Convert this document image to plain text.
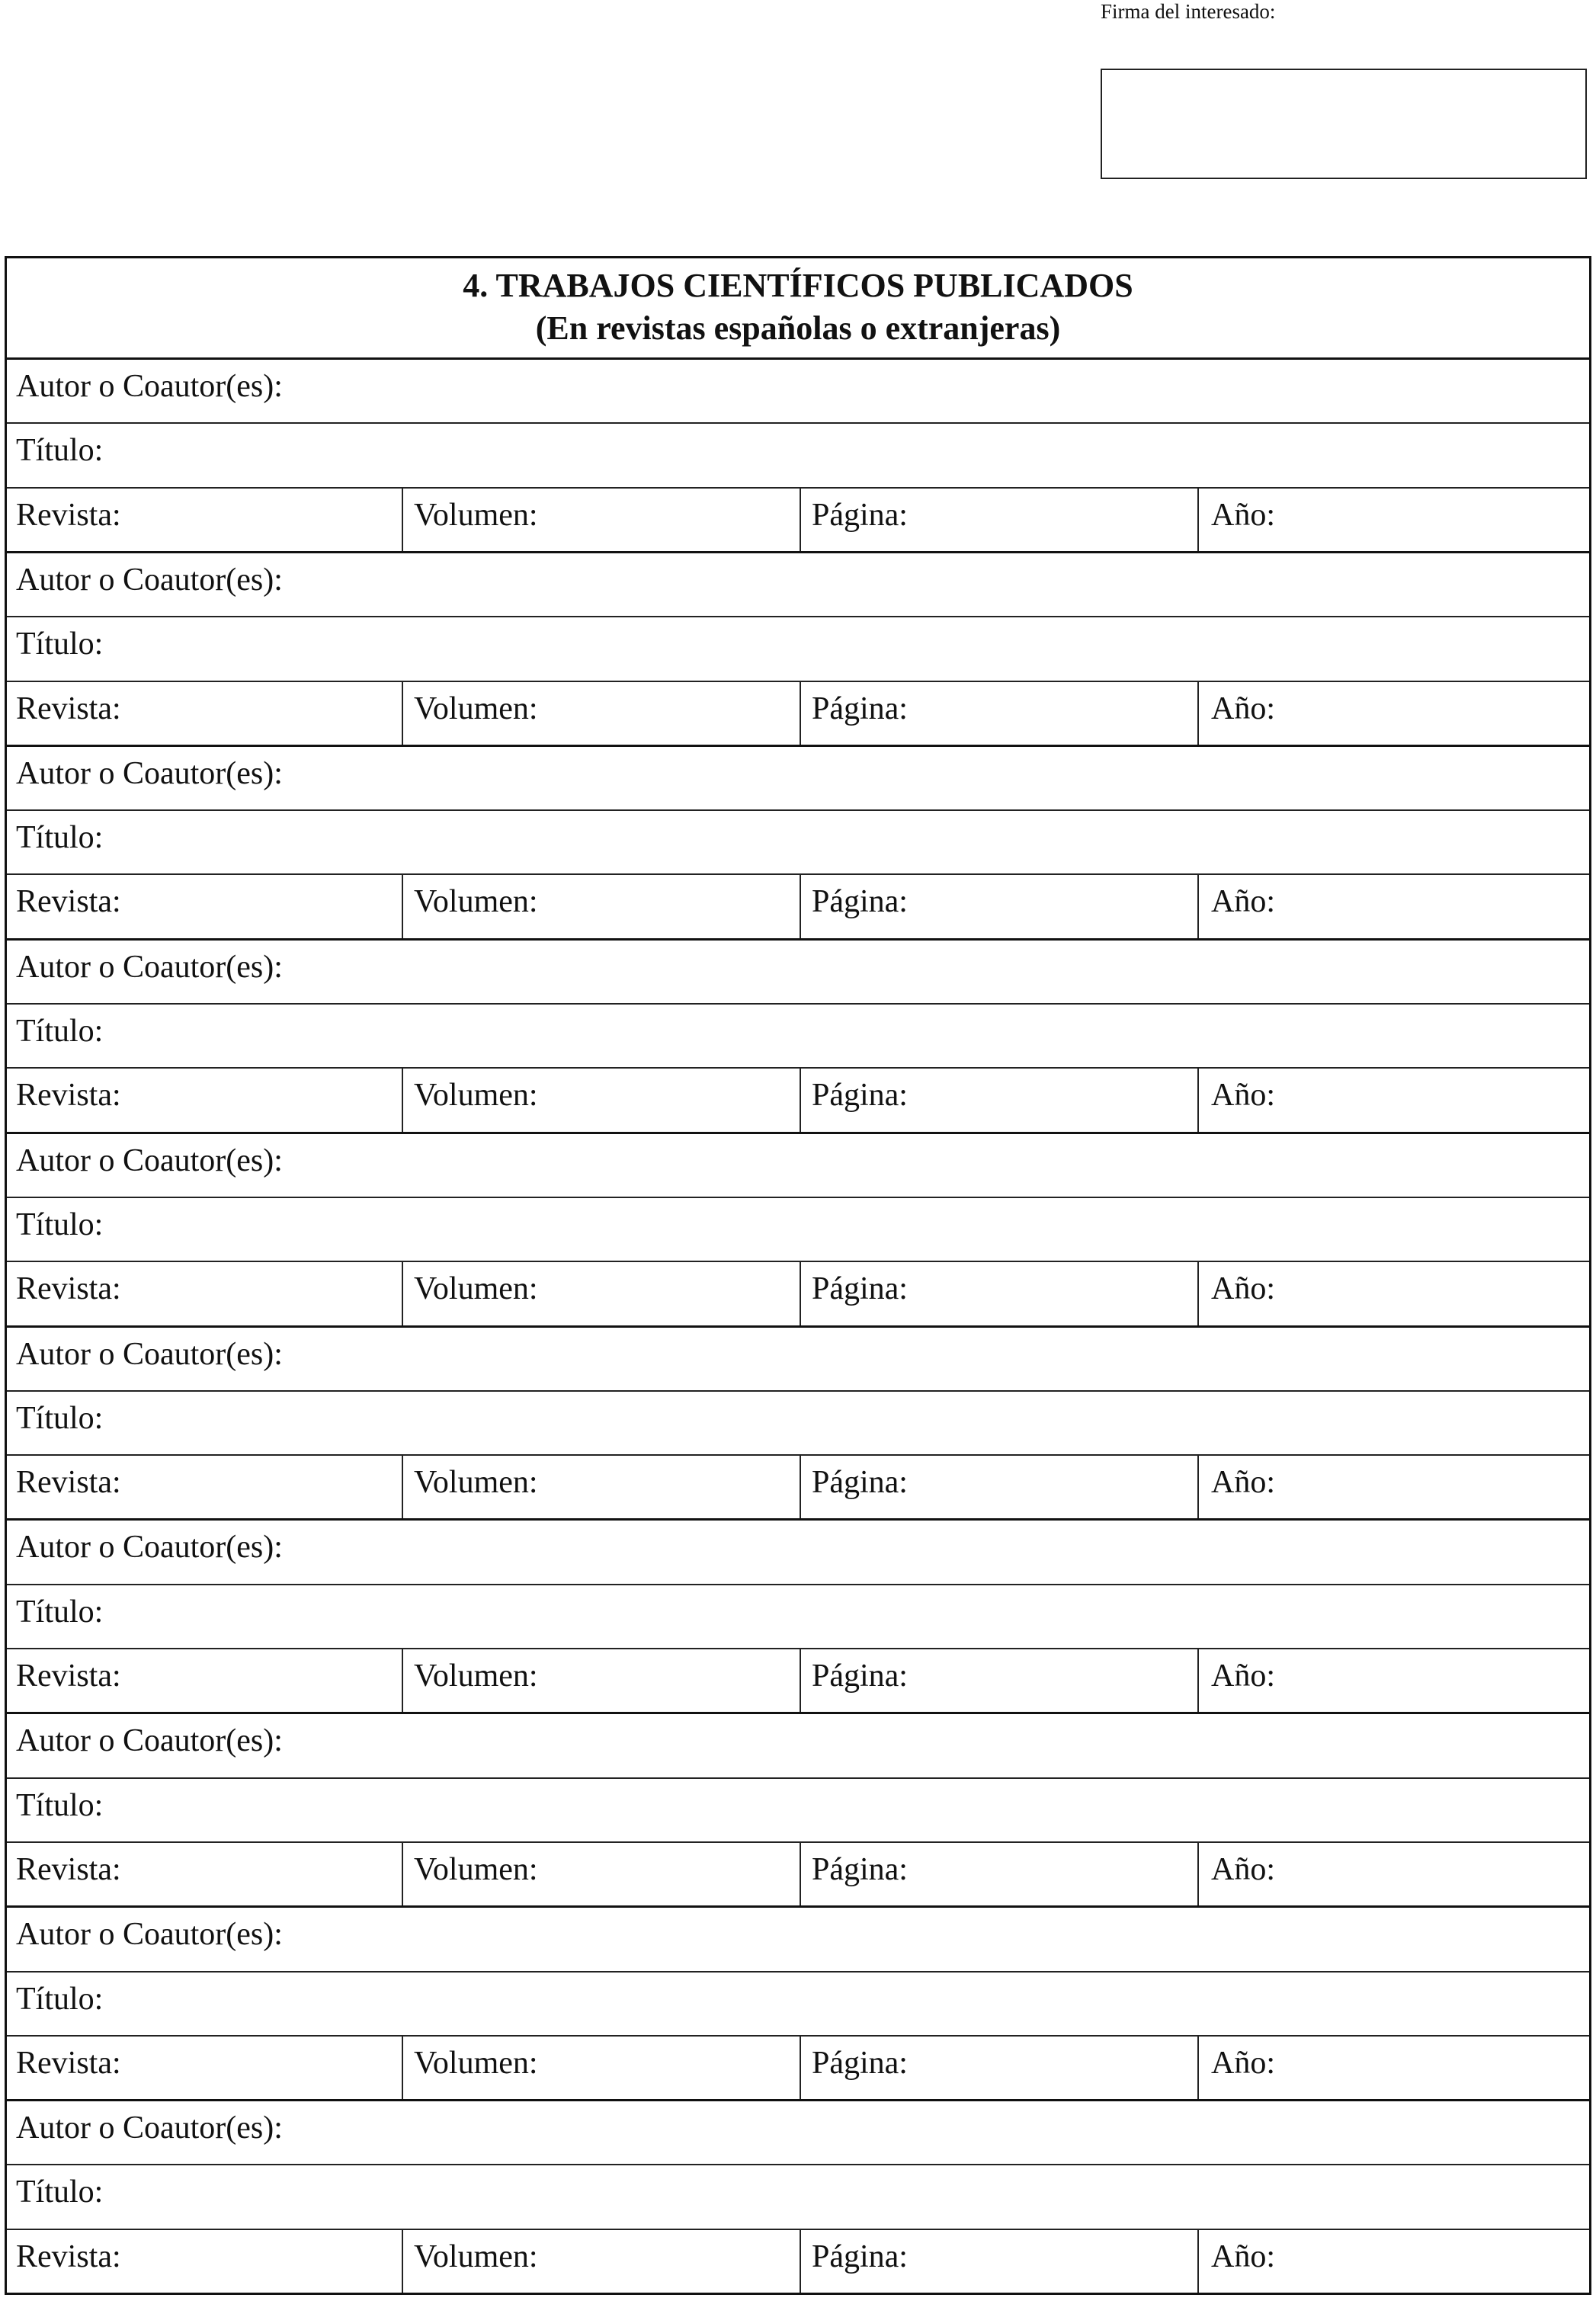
Firma del interesado:
4. TRABAJOS CIENTÍFICOS PUBLICADOS
(En revistas españolas o extranjeras)
Autor o Coautor(es):
Título:
Revista:	Volumen:	Página:	Año:
Autor o Coautor(es):
Título:
Revista:	Volumen:	Página:	Año:
Autor o Coautor(es):
Título:
Revista:	Volumen:	Página:	Año:
Autor o Coautor(es):
Título:
Revista:	Volumen:	Página:	Año:
Autor o Coautor(es):
Título:
Revista:	Volumen:	Página:	Año:
Autor o Coautor(es):
Título:
Revista:	Volumen:	Página:	Año:
Autor o Coautor(es):
Título:
Revista:	Volumen:	Página:	Año:
Autor o Coautor(es):
Título:
Revista:	Volumen:	Página:	Año:
Autor o Coautor(es):
Título:
Revista:	Volumen:	Página:	Año:
Autor o Coautor(es):
Título:
Revista:	Volumen:	Página:	Año:
